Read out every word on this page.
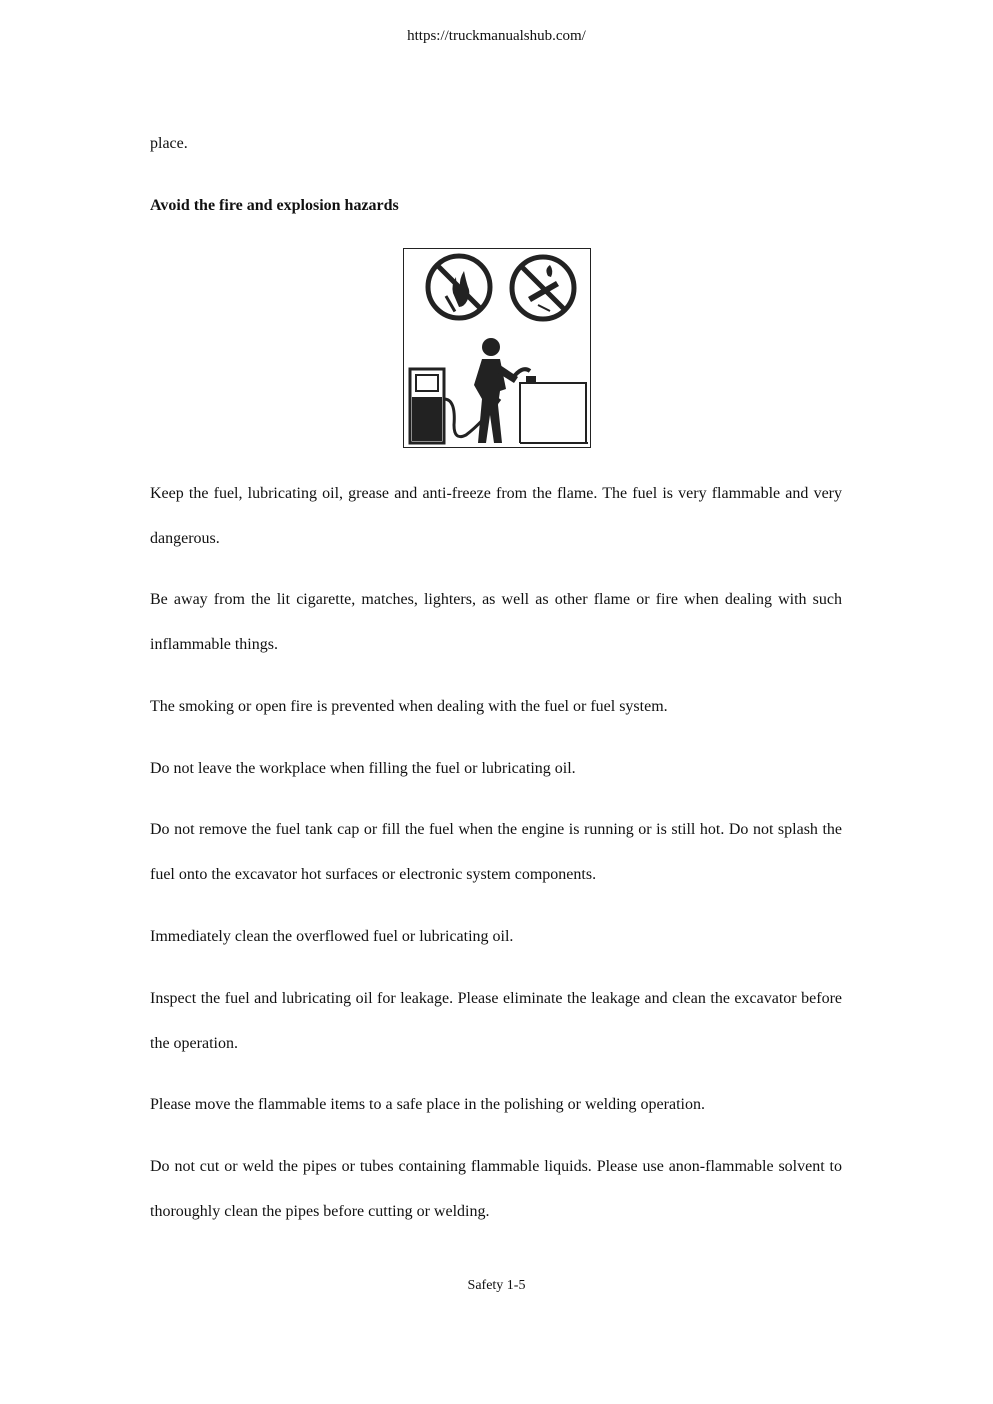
https://truckmanualshub.com/

place.

Avoid the fire and explosion hazards

Keep the fuel, lubricating oil, grease and anti-freeze from the flame. The fuel is very flammable and very dangerous.

Be away from the lit cigarette, matches, lighters, as well as other flame or fire when dealing with such inflammable things.

The smoking or open fire is prevented when dealing with the fuel or fuel system.

Do not leave the workplace when filling the fuel or lubricating oil.

Do not remove the fuel tank cap or fill the fuel when the engine is running or is still hot. Do not splash the fuel onto the excavator hot surfaces or electronic system components.

Immediately clean the overflowed fuel or lubricating oil.

Inspect the fuel and lubricating oil for leakage. Please eliminate the leakage and clean the excavator before the operation.

Please move the flammable items to a safe place in the polishing or welding operation.

Do not cut or weld the pipes or tubes containing flammable liquids. Please use anon-flammable solvent to thoroughly clean the pipes before cutting or welding.

Safety 1-5
